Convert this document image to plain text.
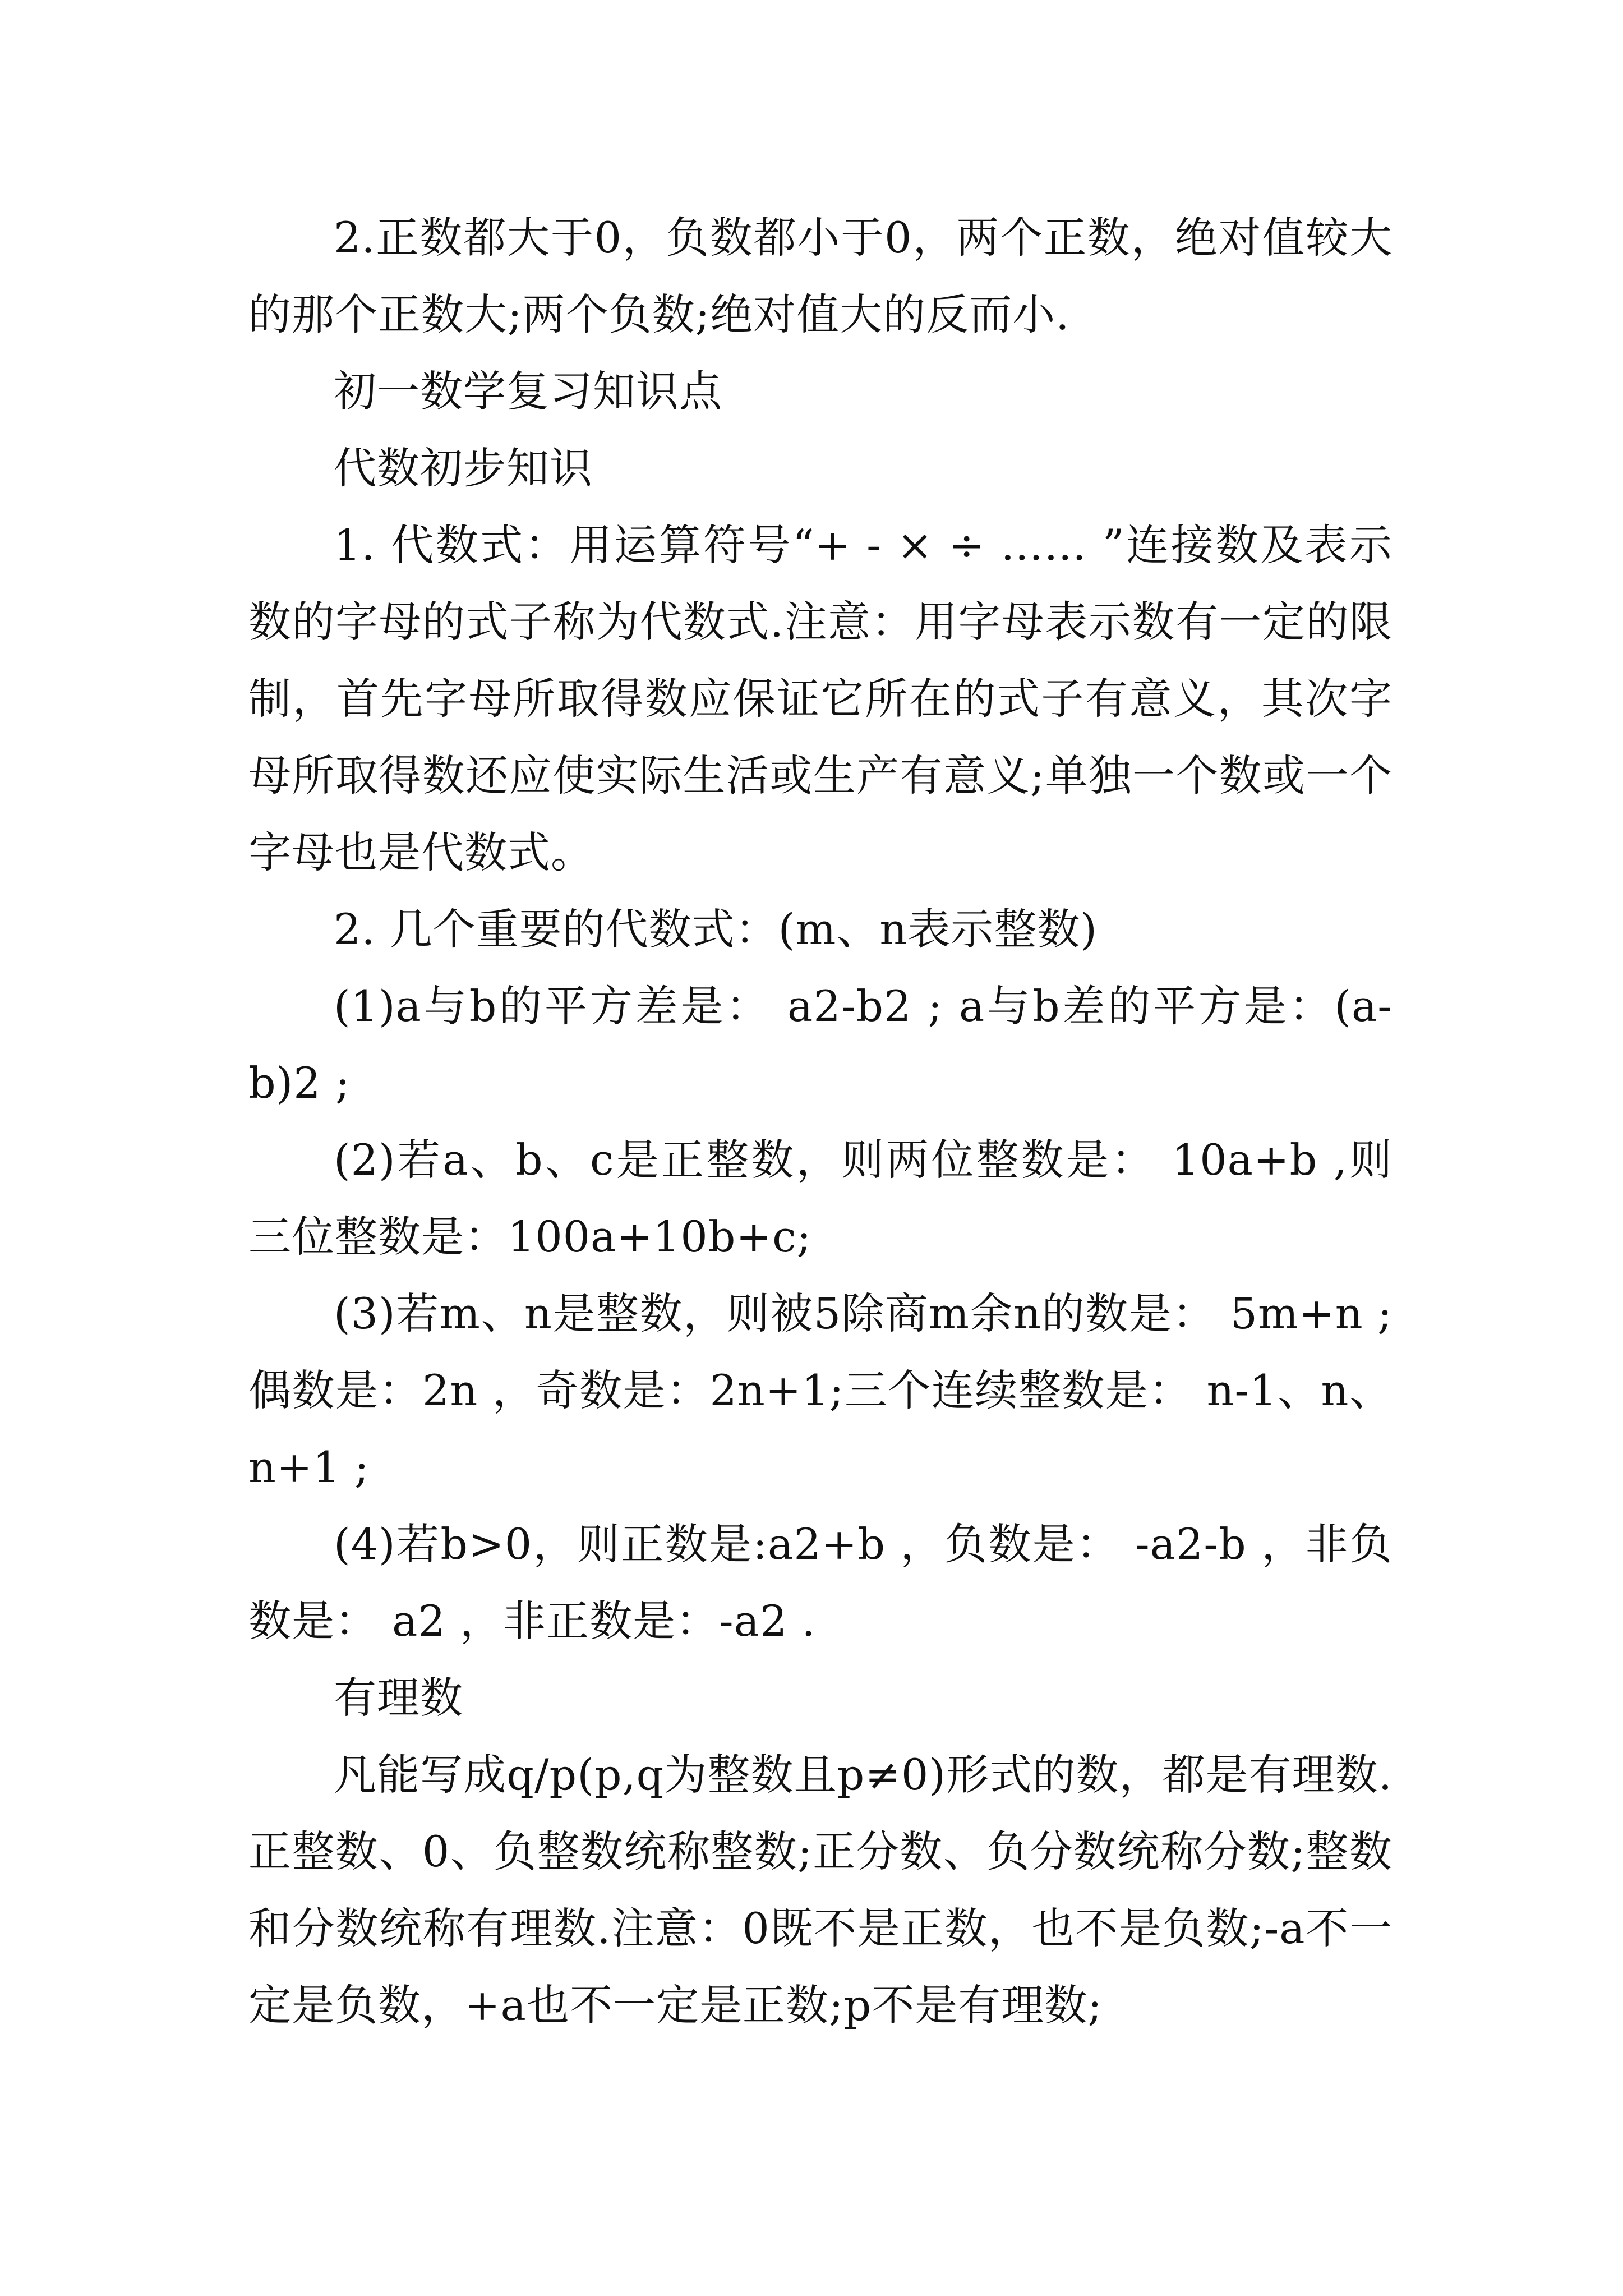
2.正数都大于0，负数都小于0，两个正数，绝对值较大的那个正数大;两个负数;绝对值大的反而小.

初一数学复习知识点

代数初步知识

1. 代数式：用运算符号“+ - × ÷ …… ”连接数及表示数的字母的式子称为代数式.注意：用字母表示数有一定的限制，首先字母所取得数应保证它所在的式子有意义，其次字母所取得数还应使实际生活或生产有意义;单独一个数或一个字母也是代数式。

2. 几个重要的代数式：(m、n表示整数)

(1)a与b的平方差是： a2-b2 ; a与b差的平方是：(a-b)2 ;

(2)若a、b、c是正整数，则两位整数是： 10a+b ,则三位整数是：100a+10b+c;

(3)若m、n是整数，则被5除商m余n的数是： 5m+n ;偶数是：2n ，奇数是：2n+1;三个连续整数是： n-1、n、n+1 ;

(4)若b>0，则正数是:a2+b ，负数是： -a2-b ，非负数是： a2 ，非正数是：-a2 .

有理数

凡能写成q/p(p,q为整数且p≠0)形式的数，都是有理数.正整数、0、负整数统称整数;正分数、负分数统称分数;整数和分数统称有理数.注意：0既不是正数，也不是负数;-a不一定是负数，+a也不一定是正数;p不是有理数;
